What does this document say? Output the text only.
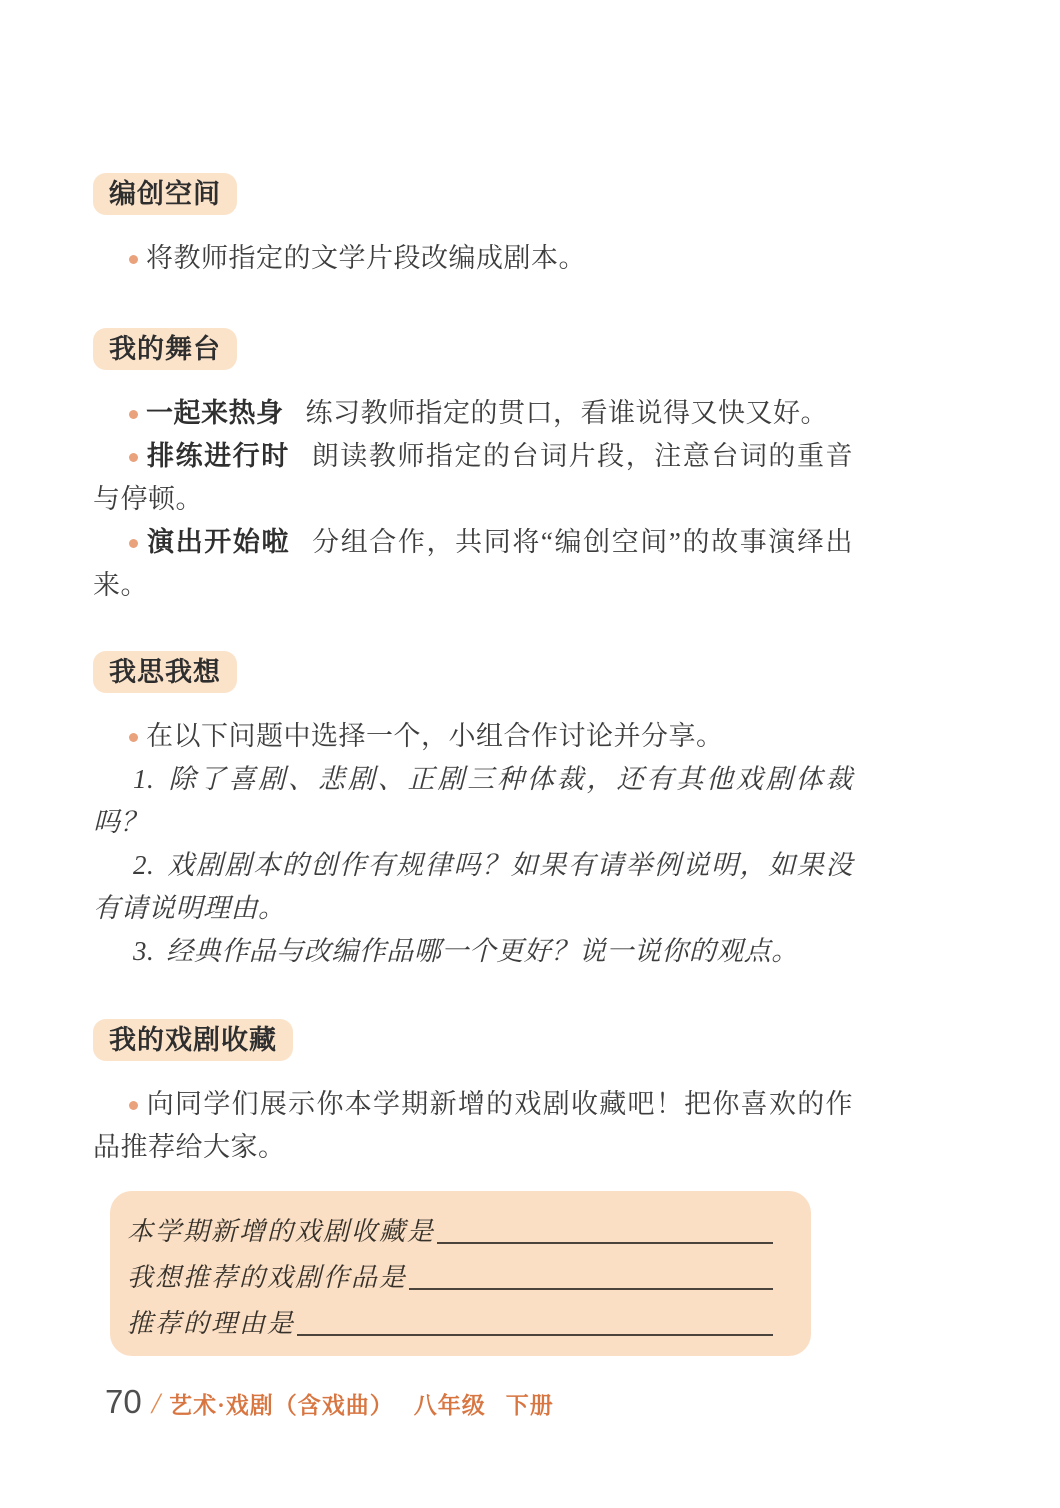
编创空间

将教师指定的文学片段改编成剧本。

我的舞台

一起来热身 练习教师指定的贯口，看谁说得又快又好。

排练进行时 朗读教师指定的台词片段，注意台词的重音与停顿。

演出开始啦 分组合作，共同将“编创空间”的故事演绎出来。

我思我想

在以下问题中选择一个，小组合作讨论并分享。

1. 除了喜剧、悲剧、正剧三种体裁，还有其他戏剧体裁吗？

2. 戏剧剧本的创作有规律吗？如果有请举例说明，如果没有请说明理由。

3. 经典作品与改编作品哪一个更好？说一说你的观点。

我的戏剧收藏

向同学们展示你本学期新增的戏剧收藏吧！把你喜欢的作品推荐给大家。

本学期新增的戏剧收藏是
我想推荐的戏剧作品是
推荐的理由是
70 / 艺术·戏剧（含戏曲） 八年级 下册
